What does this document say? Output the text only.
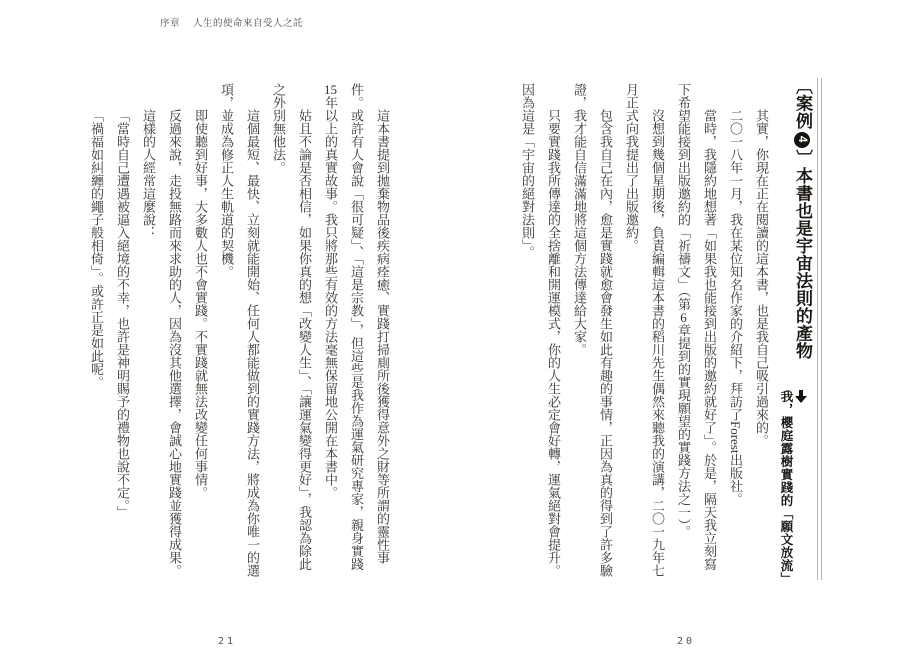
序章 人生的使命來自受人之託
〔案例4〕本書也是宇宙法則的產物
我，櫻庭露樹實踐的「願文放流」

其實，你現在正在閱讀的這本書，也是我自己吸引過來的。

二〇一八年一月，我在某位知名作家的介紹下，拜訪了Forest出版社。

當時，我隱約地想著「如果我也能接到出版的邀約就好了」。於是，隔天我立刻寫下希望能接到出版邀約的「祈禱文」（第6章提到的實現願望的實踐方法之一）。

沒想到幾個星期後，負責編輯這本書的稻川先生偶然來聽我的演講，二〇一九年七月正式向我提出了出版邀約。

包含我自己在內，愈是實踐就愈會發生如此有趣的事情，正因為真的得到了許多驗證，我才能自信滿滿地將這個方法傳達給大家。

只要實踐我所傳達的全捨離和開運模式，你的人生必定會好轉，運氣絕對會提升。因為這是「宇宙的絕對法則」。

這本書提到拋棄物品後疾病痊癒、實踐打掃廁所後獲得意外之財等所謂的靈性事件。或許有人會說「很可疑」、「這是宗教」，但這些是我作為運氣研究專家，親身實踐15年以上的真實故事。我只將那些有效的方法毫無保留地公開在本書中。

姑且不論是否相信，如果你真的想「改變人生」、「讓運氣變得更好」，我認為除此之外別無他法。

這個最短、最快、立刻就能開始、任何人都能做到的實踐方法，將成為你唯一的選項，並成為修正人生軌道的契機。

即使聽到好事，大多數人也不會實踐。不實踐就無法改變任何事情。

反過來說，走投無路而來求助的人，因為沒其他選擇，會誠心地實踐並獲得成果。

這樣的人經常這麼說：

「當時自己遭遇被逼入絕境的不幸，也許是神明賜予的禮物也說不定。」

「禍福如糾纏的繩子般相倚」。或許正是如此呢。

21	20
